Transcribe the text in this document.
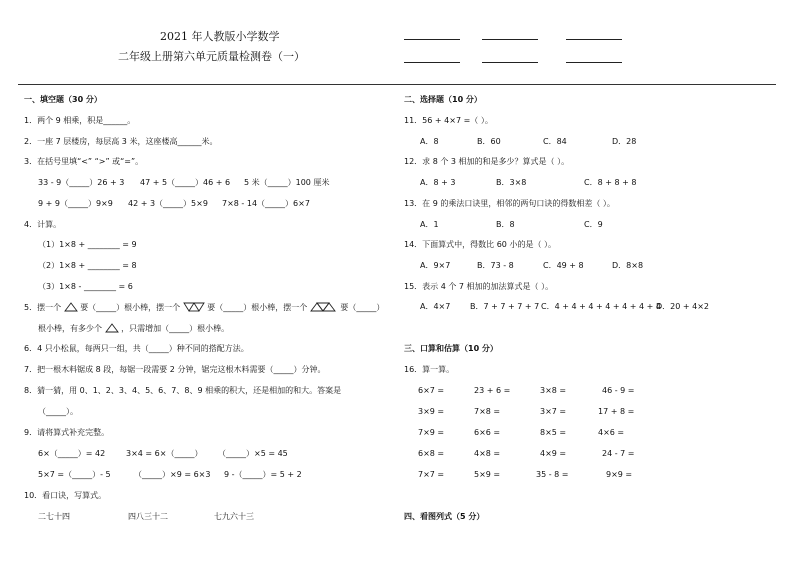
2021 年人教版小学数学
二年级上册第六单元质量检测卷（一）
一、填空题（30 分）
1．两个 9 相乘，积是______。
2．一座 7 层楼房，每层高 3 米，这座楼高______米。
3．在括号里填“<” “>” 或“=”。
33 - 9（_____）26 + 3 47 + 5（_____）46 + 6 5 米（_____）100 厘米
9 + 9（_____）9×9 42 + 3（_____）5×9 7×8 - 14（_____）6×7
4．计算。
（1）1×8 + ________ = 9
（2）1×8 + ________ = 8
（3）1×8 - ________ = 6
5．摆一个 要（_____）根小棒，摆一个	要（_____）根小棒，摆一个	要（_____）
根小棒，有多少个 ，只需增加（_____）根小棒。
6．4 只小松鼠，每两只一组，共（_____）种不同的搭配方法。
7．把一根木料锯成 8 段，每锯一段需要 2 分钟，锯完这根木料需要（_____）分钟。
8．猜一猜，用 0、1、2、3、4、5、6、7、8、9 相乘的积大，还是相加的和大。答案是
（_____）。
9．请将算式补充完整。
6×（_____）= 42	3×4 = 6×（_____） （_____）×5 = 45
5×7 =（_____）- 5	（_____）×9 = 6×3 9 -（_____）= 5 + 2
10．看口诀，写算式。
二七十四	四八三十二	七九六十三
二、选择题（10 分）
11．56 + 4×7 =（ ）。
A．8	B．60	C．84	D．28
12．求 8 个 3 相加的和是多少？算式是（ ）。
A．8 + 3	B．3×8	C．8 + 8 + 8
13．在 9 的乘法口诀里，相邻的两句口诀的得数相差（ ）。
A．1	B．8	C．9
14．下面算式中，得数比 60 小的是（ ）。
A．9×7	B．73 - 8	C．49 + 8	D．8×8
15．表示 4 个 7 相加的加法算式是（ ）。
A．4×7 B．7 + 7 + 7 + 7 C．4 + 4 + 4 + 4 + 4 + 4 + 4
D．20 + 4×2
三、口算和估算（10 分）
16．算一算。
6×7 =	23 + 6 =	3×8 =	46 - 9 =
3×9 =	7×8 =	3×7 =	17 + 8 =
7×9 =	6×6 =	8×5 =	4×6 =
6×8 =	4×8 =	4×9 =	24 - 7 =
7×7 =	5×9 =	35 - 8 =	9×9 =
四、看图列式（5 分）
